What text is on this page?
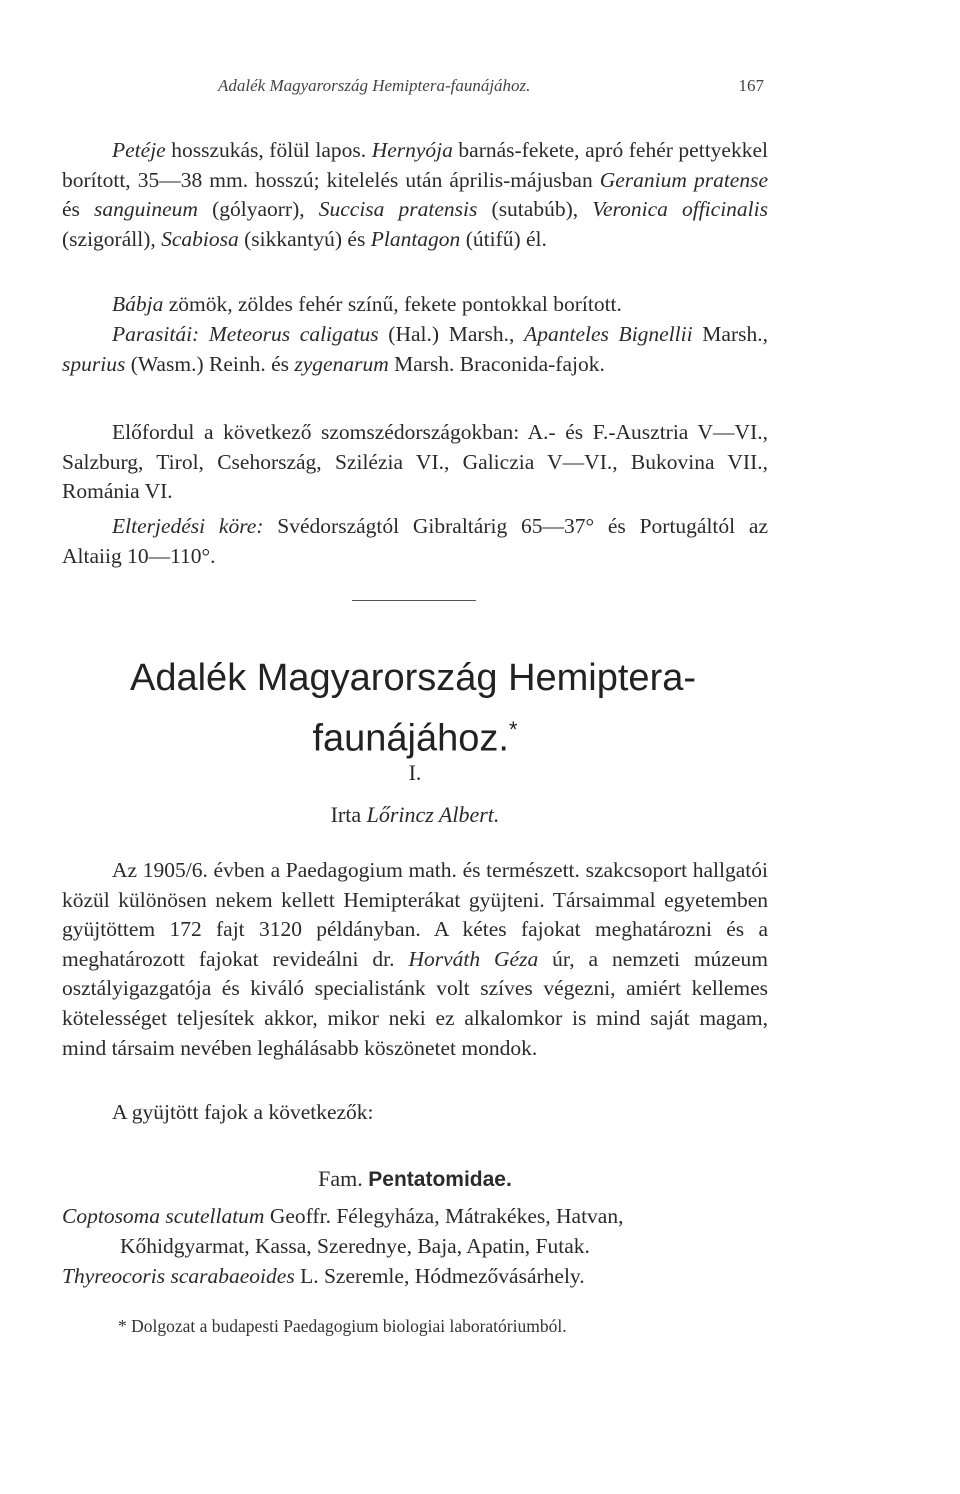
Adalék Magyarország Hemiptera-faunájához.	167

Petéje hosszukás, fölül lapos. Hernyója barnás-fekete, apró fehér pettyekkel borított, 35—38 mm. hosszú; kitelelés után április-májusban Geranium pratense és sanguineum (gólyaorr), Succisa pratensis (sutabúb), Veronica officinalis (szigoráll), Scabiosa (sikkantyú) és Plantagon (útifű) él.

Bábja zömök, zöldes fehér színű, fekete pontokkal borított.

Parasitái: Meteorus caligatus (Hal.) Marsh., Apanteles Bignellii Marsh., spurius (Wasm.) Reinh. és zygenarum Marsh. Braconida-fajok.

Előfordul a következő szomszédországokban: A.- és F.-Ausztria V—VI., Salzburg, Tirol, Csehország, Szilézia VI., Galiczia V—VI., Bukovina VII., Románia VI.

Elterjedési köre: Svédországtól Gibraltárig 65—37° és Portugáltól az Altaiig 10—110°.

Adalék Magyarország Hemiptera-
faunájához.*
I.
Irta Lőrincz Albert.

Az 1905/6. évben a Paedagogium math. és természett. szakcsoport hallgatói közül különösen nekem kellett Hemipterákat gyüjteni. Társaimmal egyetemben gyüjtöttem 172 fajt 3120 példányban. A kétes fajokat meghatározni és a meghatározott fajokat revideálni dr. Horváth Géza úr, a nemzeti múzeum osztályigazgatója és kiváló specialistánk volt szíves végezni, amiért kellemes kötelességet teljesítek akkor, mikor neki ez alkalomkor is mind saját magam, mind társaim nevében leghálásabb köszönetet mondok.

A gyüjtött fajok a következők:

Fam. Pentatomidae.
Coptosoma scutellatum Geoffr. Félegyháza, Mátrakékes, Hatvan,
Kőhidgyarmat, Kassa, Szerednye, Baja, Apatin, Futak.
Thyreocoris scarabaeoides L. Szeremle, Hódmezővásárhely.
* Dolgozat a budapesti Paedagogium biologiai laboratóriumból.
